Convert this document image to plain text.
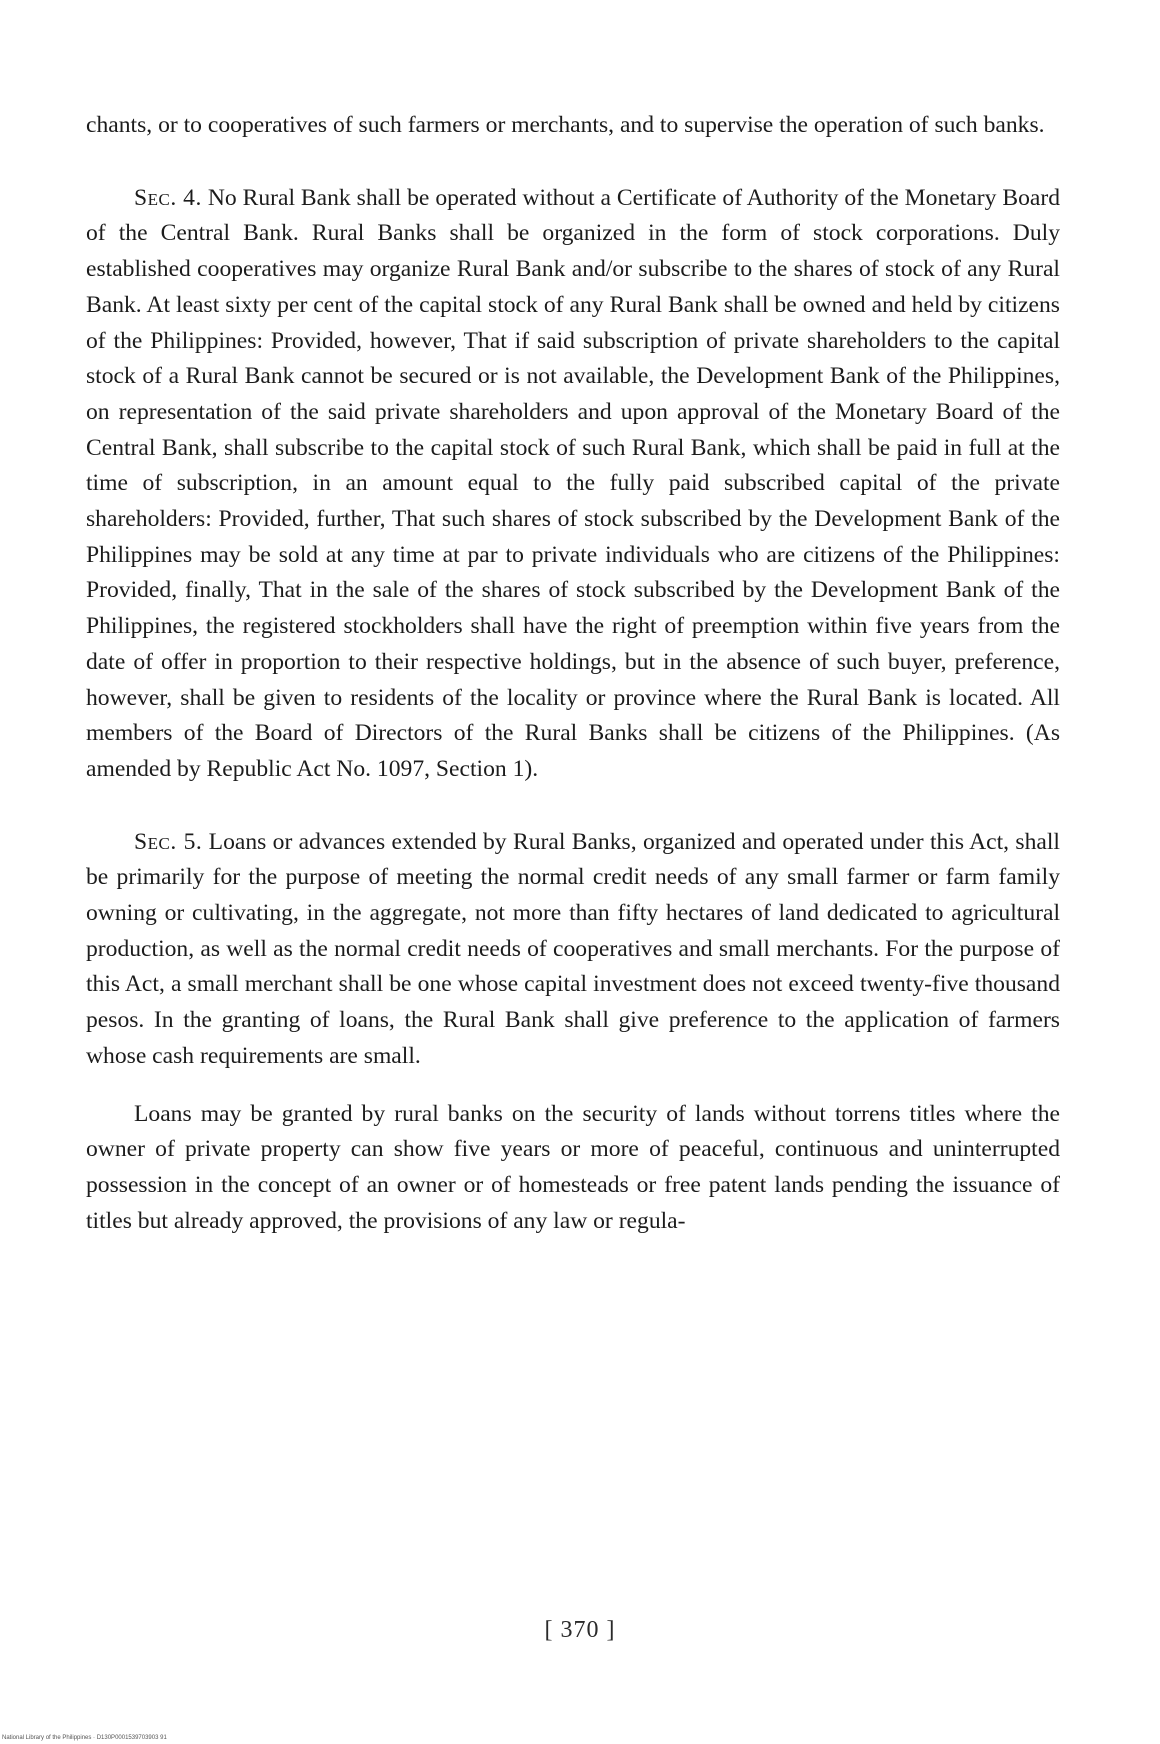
chants, or to cooperatives of such farmers or merchants, and to supervise the operation of such banks.

Sec. 4. No Rural Bank shall be operated without a Certificate of Authority of the Monetary Board of the Central Bank. Rural Banks shall be organized in the form of stock corporations. Duly established cooperatives may organize Rural Bank and/or subscribe to the shares of stock of any Rural Bank. At least sixty per cent of the capital stock of any Rural Bank shall be owned and held by citizens of the Philippines: Provided, however, That if said subscription of private shareholders to the capital stock of a Rural Bank cannot be secured or is not available, the Development Bank of the Philippines, on representation of the said private shareholders and upon approval of the Monetary Board of the Central Bank, shall subscribe to the capital stock of such Rural Bank, which shall be paid in full at the time of subscription, in an amount equal to the fully paid subscribed capital of the private shareholders: Provided, further, That such shares of stock subscribed by the Development Bank of the Philippines may be sold at any time at par to private individuals who are citizens of the Philippines: Provided, finally, That in the sale of the shares of stock subscribed by the Development Bank of the Philippines, the registered stockholders shall have the right of preemption within five years from the date of offer in proportion to their respective holdings, but in the absence of such buyer, preference, however, shall be given to residents of the locality or province where the Rural Bank is located. All members of the Board of Directors of the Rural Banks shall be citizens of the Philippines. (As amended by Republic Act No. 1097, Section 1).

Sec. 5. Loans or advances extended by Rural Banks, organized and operated under this Act, shall be primarily for the purpose of meeting the normal credit needs of any small farmer or farm family owning or cultivating, in the aggregate, not more than fifty hectares of land dedicated to agricultural production, as well as the normal credit needs of cooperatives and small merchants. For the purpose of this Act, a small merchant shall be one whose capital investment does not exceed twenty-five thousand pesos. In the granting of loans, the Rural Bank shall give preference to the application of farmers whose cash requirements are small.

Loans may be granted by rural banks on the security of lands without torrens titles where the owner of private property can show five years or more of peaceful, continuous and uninterrupted possession in the concept of an owner or of homesteads or free patent lands pending the issuance of titles but already approved, the provisions of any law or regula-

[ 370 ]
National Library of the Philippines · D130P0001539703903 91
